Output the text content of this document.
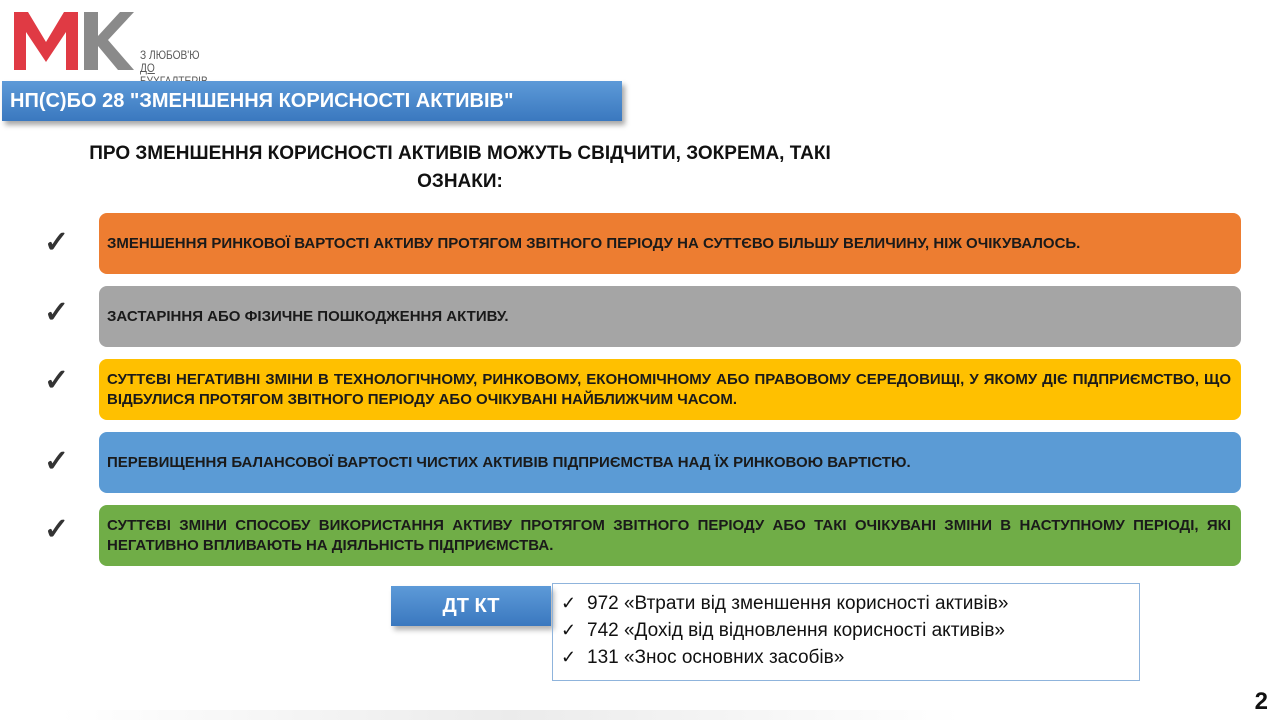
З ЛЮБОВ'Ю
ДО
НП(С)БО 28 "ЗМЕНШЕННЯ КОРИСНОСТІ АКТИВІВ"
ПРО ЗМЕНШЕННЯ КОРИСНОСТІ АКТИВІВ МОЖУТЬ СВІДЧИТИ, ЗОКРЕМА, ТАКІ
ОЗНАКИ:
✓
✓
✓
✓
✓
ЗМЕНШЕННЯ РИНКОВОЇ ВАРТОСТІ АКТИВУ ПРОТЯГОМ ЗВІТНОГО ПЕРІОДУ НА СУТТЄВО БІЛЬШУ ВЕЛИЧИНУ, НІЖ ОЧІКУВАЛОСЬ.
ЗАСТАРІННЯ АБО ФІЗИЧНЕ ПОШКОДЖЕННЯ АКТИВУ.
СУТТЄВІ НЕГАТИВНІ ЗМІНИ В ТЕХНОЛОГІЧНОМУ, РИНКОВОМУ, ЕКОНОМІЧНОМУ АБО ПРАВОВОМУ СЕРЕДОВИЩІ, У ЯКОМУ ДІЄ ПІДПРИЄМСТВО, ЩО ВІДБУЛИСЯ ПРОТЯГОМ ЗВІТНОГО ПЕРІОДУ АБО ОЧІКУВАНІ НАЙБЛИЖЧИМ ЧАСОМ.
ПЕРЕВИЩЕННЯ БАЛАНСОВОЇ ВАРТОСТІ ЧИСТИХ АКТИВІВ ПІДПРИЄМСТВА НАД ЇХ РИНКОВОЮ ВАРТІСТЮ.
СУТТЄВІ ЗМІНИ СПОСОБУ ВИКОРИСТАННЯ АКТИВУ ПРОТЯГОМ ЗВІТНОГО ПЕРІОДУ АБО ТАКІ ОЧІКУВАНІ ЗМІНИ В НАСТУПНОМУ ПЕРІОДІ, ЯКІ НЕГАТИВНО ВПЛИВАЮТЬ НА ДІЯЛЬНІСТЬ ПІДПРИЄМСТВА.
ДТ КТ	✓ 972 «Втрати від зменшення корисності активів»
✓ 742 «Дохід від відновлення корисності активів»
✓ 131 «Знос основних засобів»
2
